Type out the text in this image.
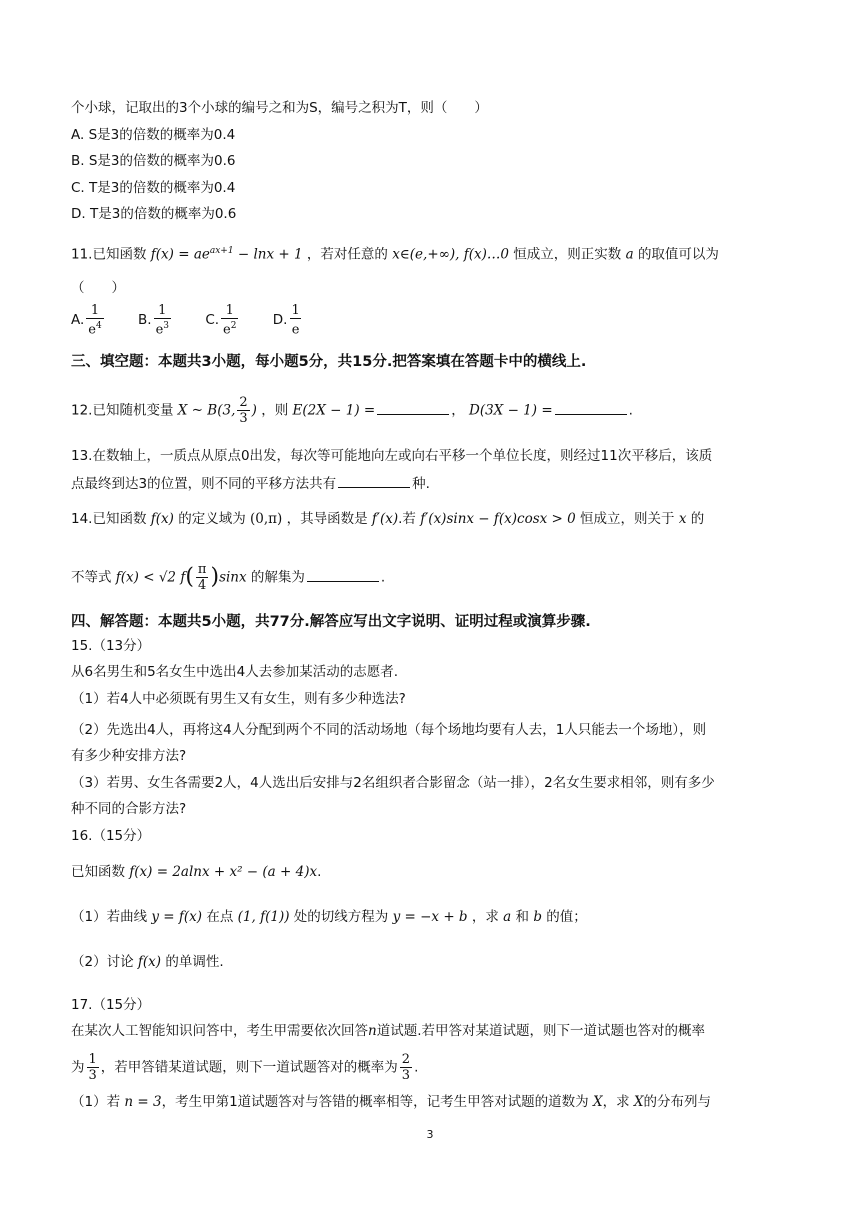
个小球，记取出的3个小球的编号之和为S，编号之积为T，则（　　）
A. S是3的倍数的概率为0.4
B. S是3的倍数的概率为0.6
C. T是3的倍数的概率为0.4
D. T是3的倍数的概率为0.6
11.已知函数 $f(x) = ae^{ax+1} - \ln x + 1$ ，若对任意的 x∈(e,+∞), f(x)…0 恒成立，则正实数 a 的取值可以为
（　　）
A. $\frac{1}{e^4}$	B. $\frac{1}{e^3}$	C. $\frac{1}{e^2}$	D. $\frac{1}{e}$
三、填空题：本题共3小题，每小题5分，共15分.把答案填在答题卡中的横线上.
12.已知随机变量 X ~ B(3, $\frac{2}{3}$ ) ，则 E(2X − 1) =	， D(3X − 1) =	.
13.在数轴上，一质点从原点0出发，每次等可能地向左或向右平移一个单位长度，则经过11次平移后，该质
点最终到达3的位置，则不同的平移方法共有	种.
14.已知函数 f(x) 的定义域为 (0,π) ，其导函数是 f′(x).若 f′(x)sinx − f(x)cosx > 0 恒成立，则关于 x 的
不等式 f(x) < √2 $f( \frac{\pi}{4} )\sin x$ 的解集为	.
四、解答题：本题共5小题，共77分.解答应写出文字说明、证明过程或演算步骤.
15.（13分）
从6名男生和5名女生中选出4人去参加某活动的志愿者.
（1）若4人中必须既有男生又有女生，则有多少种选法?
（2）先选出4人，再将这4人分配到两个不同的活动场地（每个场地均要有人去，1人只能去一个场地），则
有多少种安排方法?
（3）若男、女生各需要2人，4人选出后安排与2名组织者合影留念（站一排），2名女生要求相邻，则有多少
种不同的合影方法?
16.（15分）
已知函数 f(x) = 2alnx + x² − (a + 4)x.
（1）若曲线 y = f(x) 在点 (1, f(1)) 处的切线方程为 y = −x + b ，求 a 和 b 的值；
（2）讨论 f(x) 的单调性.
17.（15分）
在某次人工智能知识问答中，考生甲需要依次回答n道试题.若甲答对某道试题，则下一道试题也答对的概率
为 $\frac{1}{3}$ ，若甲答错某道试题，则下一道试题答对的概率为 $\frac{2}{3}$ .
（1）若 n = 3，考生甲第1道试题答对与答错的概率相等，记考生甲答对试题的道数为 X，求 X的分布列与
3
